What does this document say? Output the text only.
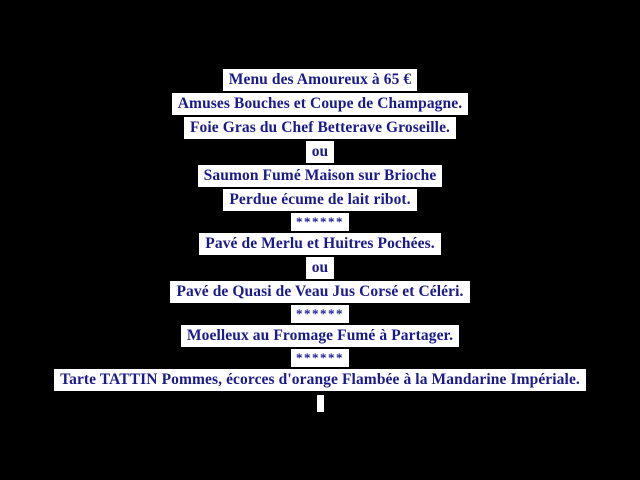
Menu des Amoureux à 65 €
Amuses Bouches et Coupe de Champagne.
Foie Gras du Chef Betterave Groseille.
ou
Saumon Fumé Maison sur Brioche
Perdue écume de lait ribot.
******
Pavé de Merlu et Huitres Pochées.
ou
Pavé de Quasi de Veau Jus Corsé et Céléri.
******
Moelleux au Fromage Fumé à Partager.
******
Tarte TATTIN Pommes, écorces d'orange Flambée à la Mandarine Impériale.
